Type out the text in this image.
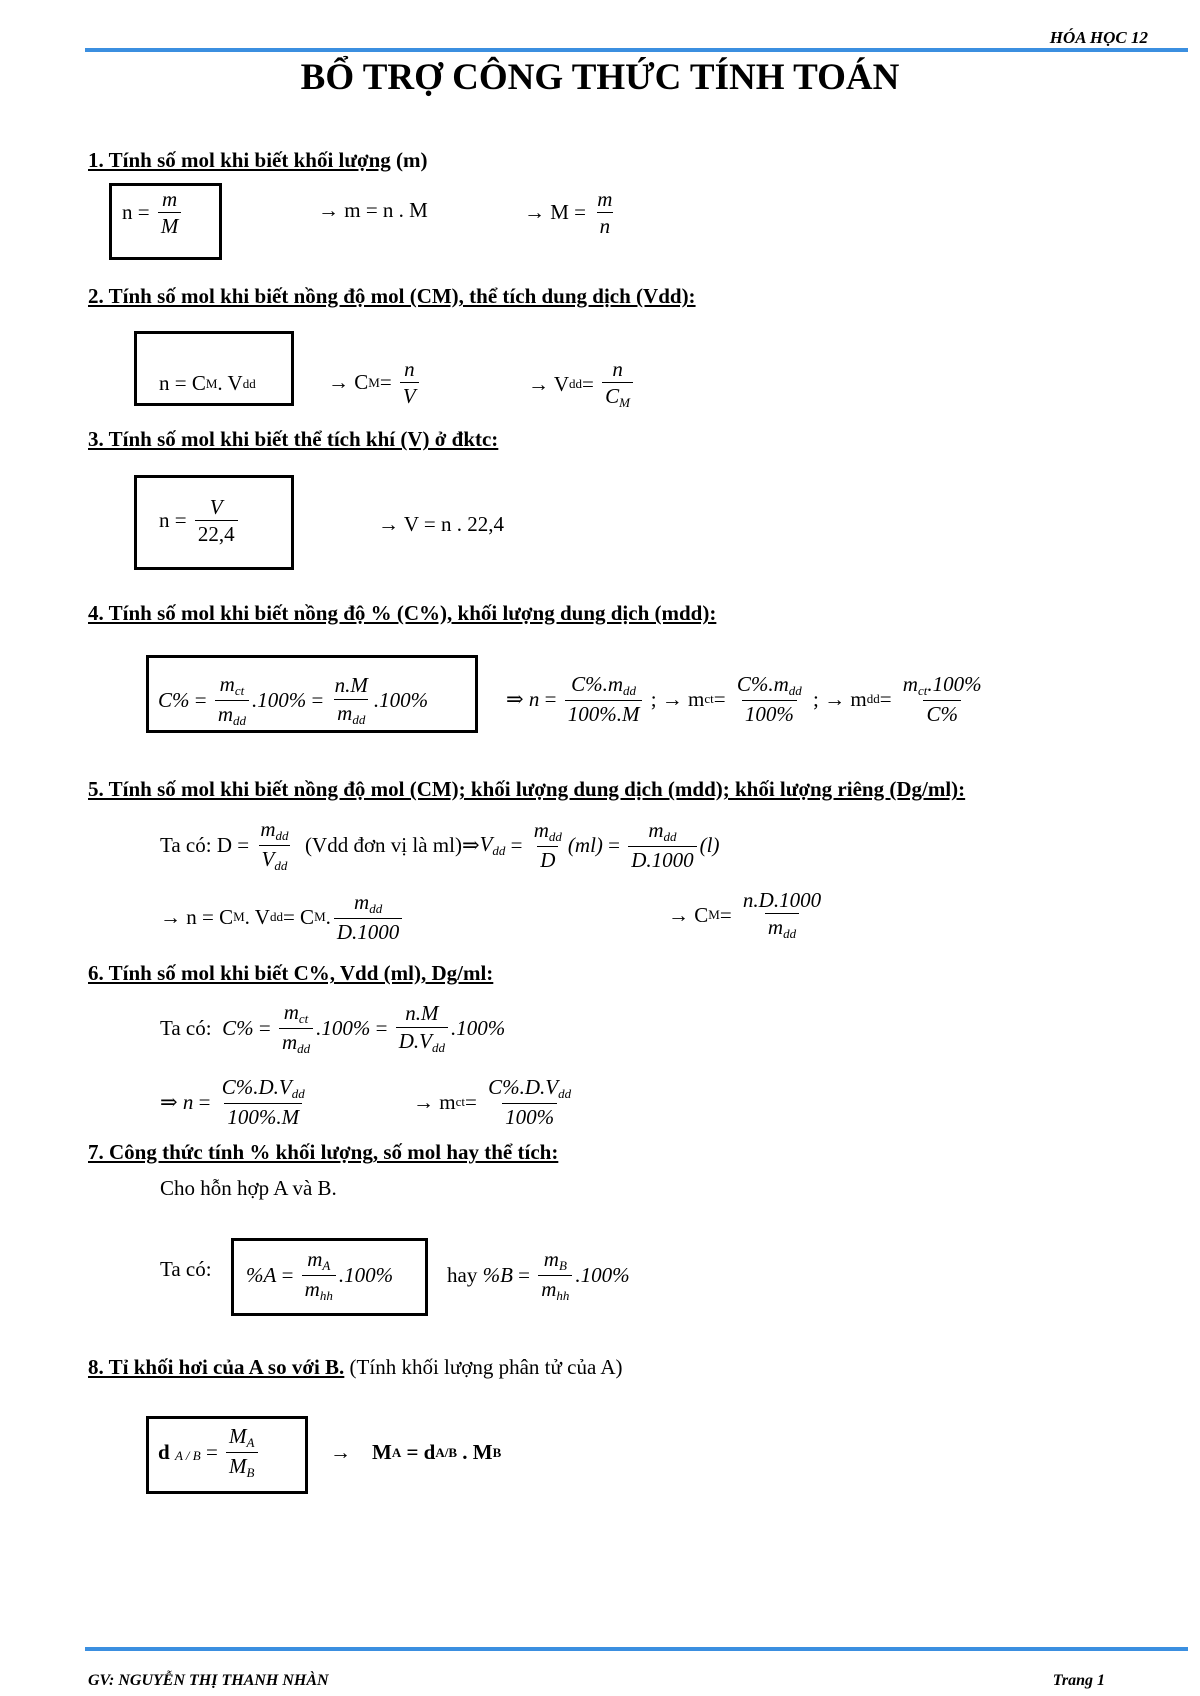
HÓA HỌC 12
BỔ TRỢ CÔNG THỨC TÍNH TOÁN
1. Tính số mol khi biết khối lượng (m)
$n = \frac{m}{M}$	→ m = n . M	→ $M = \frac{m}{n}$
2. Tính số mol khi biết nồng độ mol (CM), thể tích dung dịch (Vdd):
n = C M . V dd	→ C $M = \frac{n}{V}$	→ V dd = $\frac{n}{C_M}$
3. Tính số mol khi biết thể tích khí (V) ở đktc:
$n = \frac{V}{22,4}$	→ V = n . 22,4
4. Tính số mol khi biết nồng độ % (C%), khối lượng dung dịch (mdd):
$C\% = \frac{m_{ct}}{m_{dd}} .100\% = \frac{n.M}{m_{dd}} .100\%$	⇒ $n = \frac{C\%.m_{dd}}{100\%.M}$ ; → m ct = $\frac{C\%.m_{dd}}{100\%}$ ; → m dd = $\frac{m_{ct}.100\%}{C\%}$
5. Tính số mol khi biết nồng độ mol (CM); khối lượng dung dịch (mdd); khối lượng riêng (Dg/ml):
Ta có: $D = \frac{m_{dd}}{V_{dd}}$
(Vdd đơn vị là ml) ⇒ $V_{dd} = \frac{m_{dd}}{D} (ml) = \frac{m_{dd}}{D.1000} (l)$
→ n = C M . V dd = C M . $\frac{m_{dd}}{D.1000}$	→ C $M = \frac{n.D.1000}{m_{dd}}$
6. Tính số mol khi biết C%, Vdd (ml), Dg/ml:
Ta có:
$C\% = \frac{m_{ct}}{m_{dd}} .100\% = \frac{n.M}{D.V_{dd}} .100\%$
⇒ $n = \frac{C\%.D.V_{dd}}{100\%.M}$	→ m ct = $\frac{C\%.D.V_{dd}}{100\%}$
7. Công thức tính % khối lượng, số mol hay thể tích:
Cho hỗn hợp A và B.
Ta có: $\%A = \frac{m_A}{m_{hh}} .100\%$	hay
$\%B = \frac{m_B}{m_{hh}} .100\%$
8. Tỉ khối hơi của A so với B. (Tính khối lượng phân tử của A)
d
$A / B = \frac{M_A}{M_B}$	→    M A = d A/B . M B
GV: NGUYỄN THỊ THANH NHÀN	Trang 1
